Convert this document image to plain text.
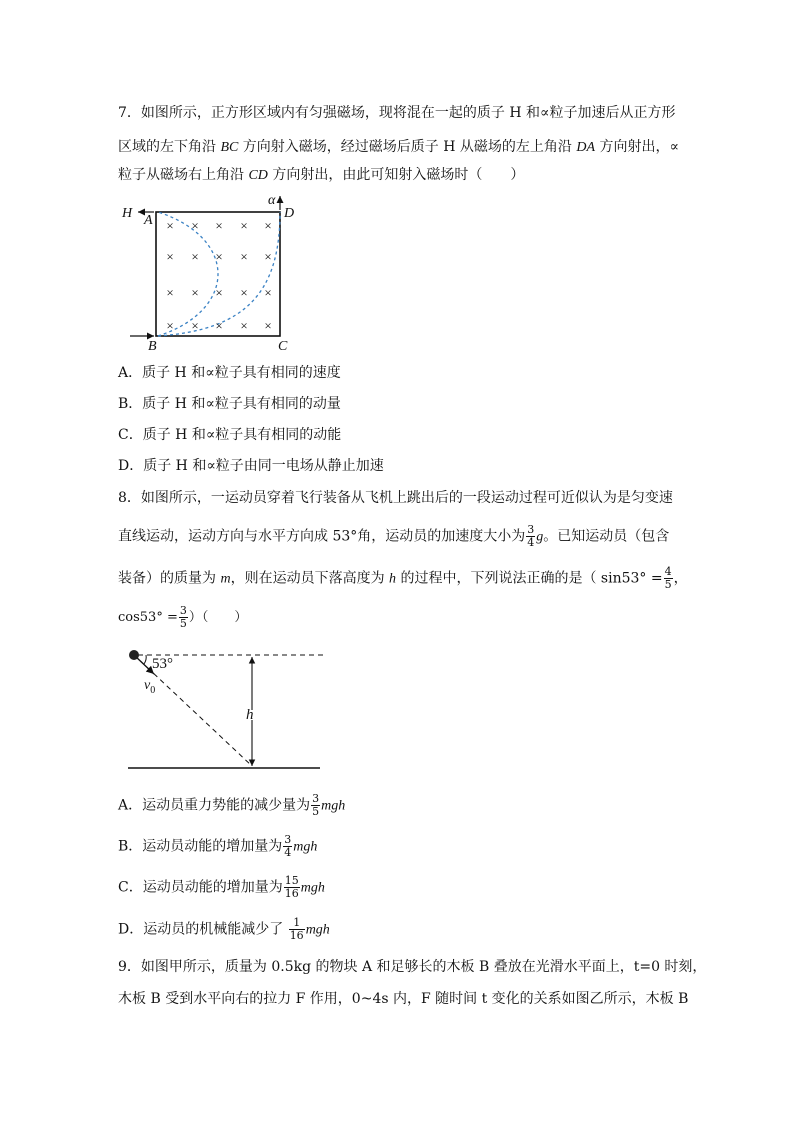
7．如图所示，正方形区域内有匀强磁场，现将混在一起的质子 H 和∝粒子加速后从正方形
区域的左下角沿 BC 方向射入磁场，经过磁场后质子 H 从磁场的左上角沿 DA 方向射出，∝
粒子从磁场右上角沿 CD 方向射出，由此可知射入磁场时（　　）
× × × × ×
× × × × ×
× × × × ×
× × × × ×
H A
α
D
B	C
A．质子 H 和∝粒子具有相同的速度
B．质子 H 和∝粒子具有相同的动量
C．质子 H 和∝粒子具有相同的动能
D．质子 H 和∝粒子由同一电场从静止加速
8．如图所示，一运动员穿着飞行装备从飞机上跳出后的一段运动过程可近似认为是匀变速
直线运动，运动方向与水平方向成 53°角，运动员的加速度大小为 $\frac{3}{4}$ g。已知运动员（包含
装备）的质量为 m，则在运动员下落高度为 h 的过程中，下列说法正确的是（ $\sin 53^\circ = \frac{4}{5}$ ，
$\cos 53^\circ = \frac{3}{5}$ ）（　　）
53°
$v_0$
h
A．运动员重力势能的减少量为 $\frac{3}{5}$ mgh
B．运动员动能的增加量为 $\frac{3}{4}$ mgh
C．运动员动能的增加量为 $\frac{15}{16}$ mgh
D．运动员的机械能减少了 $\frac{1}{16}$ mgh
9．如图甲所示，质量为 0.5kg 的物块 A 和足够长的木板 B 叠放在光滑水平面上，t=0 时刻，
木板 B 受到水平向右的拉力 F 作用，0~4s 内，F 随时间 t 变化的关系如图乙所示，木板 B
